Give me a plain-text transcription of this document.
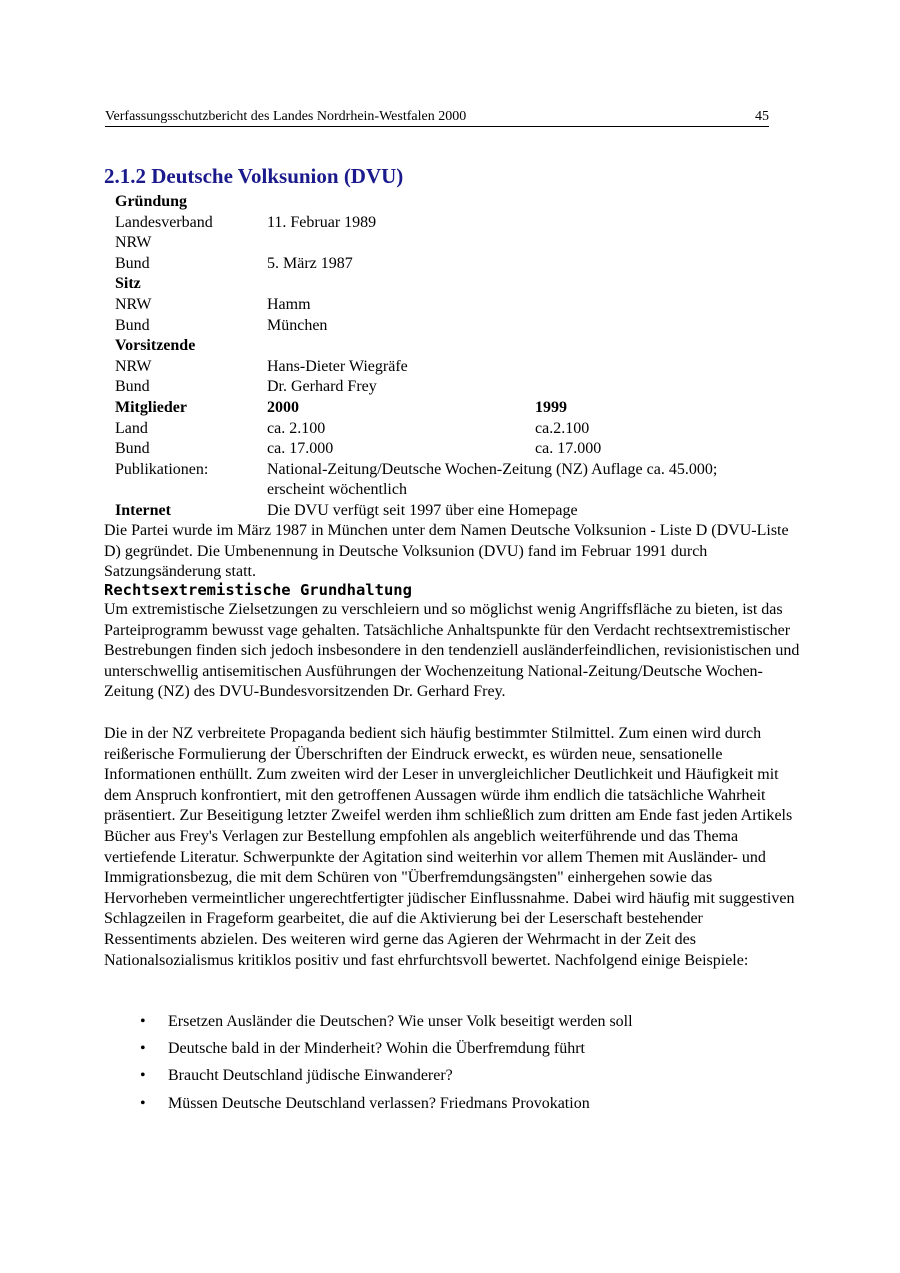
Verfassungsschutzbericht des Landes Nordrhein-Westfalen 2000	45
2.1.2 Deutsche Volksunion (DVU)
Gründung
Landesverband	11. Februar 1989
NRW
Bund	5. März 1987
Sitz
NRW	Hamm
Bund	München
Vorsitzende
NRW	Hans-Dieter Wiegräfe
Bund	Dr. Gerhard Frey
Mitglieder	2000	1999
Land	ca. 2.100	ca.2.100
Bund	ca. 17.000	ca. 17.000
Publikationen:	National-Zeitung/Deutsche Wochen-Zeitung (NZ) Auflage ca. 45.000;
erscheint wöchentlich
Internet	Die DVU verfügt seit 1997 über eine Homepage

Die Partei wurde im März 1987 in München unter dem Namen Deutsche Volksunion - Liste D (DVU-Liste D) gegründet. Die Umbenennung in Deutsche Volksunion (DVU) fand im Februar 1991 durch Satzungsänderung statt.

Rechtsextremistische Grundhaltung

Um extremistische Zielsetzungen zu verschleiern und so möglichst wenig Angriffsfläche zu bieten, ist das Parteiprogramm bewusst vage gehalten. Tatsächliche Anhaltspunkte für den Verdacht rechtsextremistischer Bestrebungen finden sich jedoch insbesondere in den tendenziell ausländerfeindlichen, revisionistischen und unterschwellig antisemitischen Ausführungen der Wochenzeitung National-Zeitung/Deutsche Wochen-Zeitung (NZ) des DVU-Bundesvorsitzenden Dr. Gerhard Frey.

Die in der NZ verbreitete Propaganda bedient sich häufig bestimmter Stilmittel. Zum einen wird durch reißerische Formulierung der Überschriften der Eindruck erweckt, es würden neue, sensationelle Informationen enthüllt. Zum zweiten wird der Leser in unvergleichlicher Deutlichkeit und Häufigkeit mit dem Anspruch konfrontiert, mit den getroffenen Aussagen würde ihm endlich die tatsächliche Wahrheit präsentiert. Zur Beseitigung letzter Zweifel werden ihm schließlich zum dritten am Ende fast jeden Artikels Bücher aus Frey's Verlagen zur Bestellung empfohlen als angeblich weiterführende und das Thema vertiefende Literatur. Schwerpunkte der Agitation sind weiterhin vor allem Themen mit Ausländer- und Immigrationsbezug, die mit dem Schüren von "Überfremdungsängsten" einhergehen sowie das Hervorheben vermeintlicher ungerechtfertigter jüdischer Einflussnahme. Dabei wird häufig mit suggestiven Schlagzeilen in Frageform gearbeitet, die auf die Aktivierung bei der Leserschaft bestehender Ressentiments abzielen. Des weiteren wird gerne das Agieren der Wehrmacht in der Zeit des Nationalsozialismus kritiklos positiv und fast ehrfurchtsvoll bewertet. Nachfolgend einige Beispiele:

•	Ersetzen Ausländer die Deutschen? Wie unser Volk beseitigt werden soll
•	Deutsche bald in der Minderheit? Wohin die Überfremdung führt
•	Braucht Deutschland jüdische Einwanderer?
•	Müssen Deutsche Deutschland verlassen? Friedmans Provokation
